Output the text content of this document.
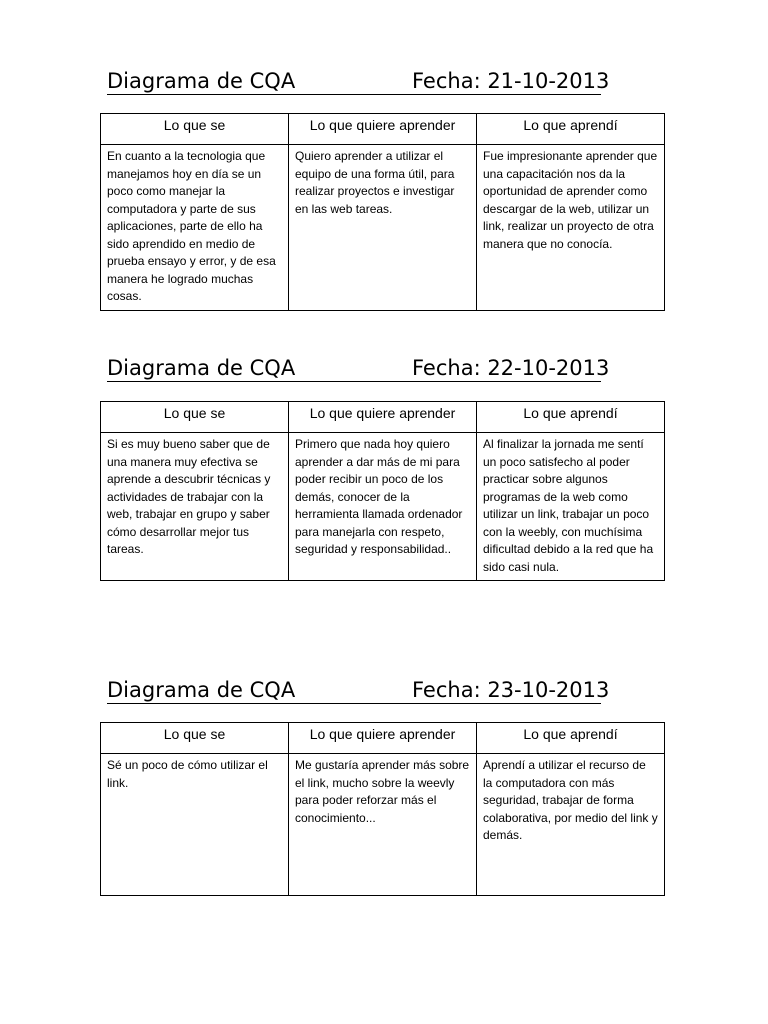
Diagrama de CQA	Fecha: 21-10-2013
Lo que se	Lo que quiere aprender	Lo que aprendí
En cuanto a la tecnologia que manejamos hoy en día se un poco como manejar la computadora y parte de sus aplicaciones, parte de ello ha sido aprendido en medio de prueba ensayo y error, y de esa manera he logrado muchas cosas.	Quiero aprender a utilizar el equipo de una forma útil, para realizar proyectos e investigar en las web tareas.	Fue impresionante aprender que una capacitación nos da la oportunidad de aprender como descargar de la web, utilizar un link, realizar un proyecto de otra manera que no conocía.
Diagrama de CQA	Fecha: 22-10-2013
Lo que se	Lo que quiere aprender	Lo que aprendí
Si es muy bueno saber que de una manera muy efectiva se aprende a descubrir técnicas y actividades de trabajar con la web, trabajar en grupo y saber cómo desarrollar mejor tus tareas.	Primero que nada hoy quiero aprender a dar más de mi para poder recibir un poco de los demás, conocer de la herramienta llamada ordenador para manejarla con respeto, seguridad y responsabilidad..	Al finalizar la jornada me sentí un poco satisfecho al poder practicar sobre algunos programas de la web como utilizar un link, trabajar un poco con la weebly, con muchísima dificultad debido a la red que ha sido casi nula.
Diagrama de CQA	Fecha: 23-10-2013
Lo que se	Lo que quiere aprender	Lo que aprendí
Sé un poco de cómo utilizar el link.	Me gustaría aprender más sobre el link, mucho sobre la weevly para poder reforzar más el conocimiento...	Aprendí a utilizar el recurso de la computadora con más seguridad, trabajar de forma colaborativa, por medio del link y demás.
